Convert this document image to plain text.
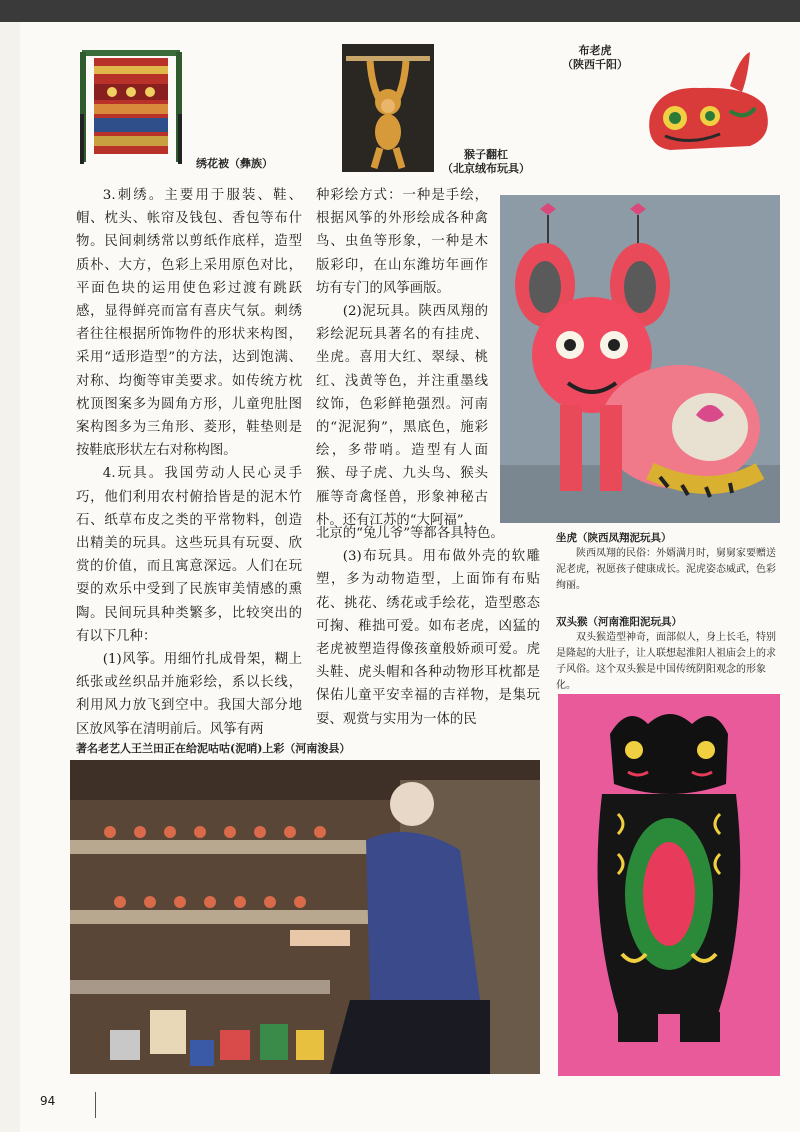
绣花被（彝族）
猴子翻杠
（北京绒布玩具）
布老虎
（陕西千阳）

3.刺绣。主要用于服装、鞋、帽、枕头、帐帘及钱包、香包等布什物。民间刺绣常以剪纸作底样，造型质朴、大方，色彩上采用原色对比，平面色块的运用使色彩过渡有跳跃感，显得鲜亮而富有喜庆气氛。刺绣者往往根据所饰物件的形状来构图，采用“适形造型”的方法，达到饱满、对称、均衡等审美要求。如传统方枕枕顶图案多为圆角方形，儿童兜肚图案构图多为三角形、菱形，鞋垫则是按鞋底形状左右对称构图。

4.玩具。我国劳动人民心灵手巧，他们利用农村俯拾皆是的泥木竹石、纸草布皮之类的平常物料，创造出精美的玩具。这些玩具有玩耍、欣赏的价值，而且寓意深远。人们在玩耍的欢乐中受到了民族审美情感的熏陶。民间玩具种类繁多，比较突出的有以下几种：

(1)风筝。用细竹扎成骨架，糊上纸张或丝织品并施彩绘，系以长线，利用风力放飞到空中。我国大部分地区放风筝在清明前后。风筝有两

种彩绘方式：一种是手绘，根据风筝的外形绘成各种禽鸟、虫鱼等形象，一种是木版彩印，在山东潍坊年画作坊有专门的风筝画版。

(2)泥玩具。陕西凤翔的彩绘泥玩具著名的有挂虎、坐虎。喜用大红、翠绿、桃红、浅黄等色，并注重墨线纹饰，色彩鲜艳强烈。河南的“泥泥狗”，黑底色，施彩绘，多带哨。造型有人面猴、母子虎、九头鸟、猴头雁等奇禽怪兽，形象神秘古朴。还有江苏的“大阿福”，

北京的“兔儿爷”等都各具特色。

(3)布玩具。用布做外壳的软雕塑，多为动物造型，上面饰有布贴花、挑花、绣花或手绘花，造型憨态可掬、稚拙可爱。如布老虎，凶猛的老虎被塑造得像孩童般娇顽可爱。虎头鞋、虎头帽和各种动物形耳枕都是保佑儿童平安幸福的吉祥物，是集玩耍、观赏与实用为一体的民

坐虎（陕西凤翔泥玩具）
陕西凤翔的民俗：外婿满月时，舅舅家要赠送泥老虎，祝愿孩子健康成长。泥虎姿态威武，色彩绚丽。
双头猴（河南淮阳泥玩具）
双头猴造型神奇，面部似人，身上长毛，特别是隆起的大肚子，让人联想起淮阳人祖庙会上的求子风俗。这个双头猴是中国传统阴阳观念的形象化。
著名老艺人王兰田正在给泥咕咕(泥哨)上彩（河南浚县）
94
